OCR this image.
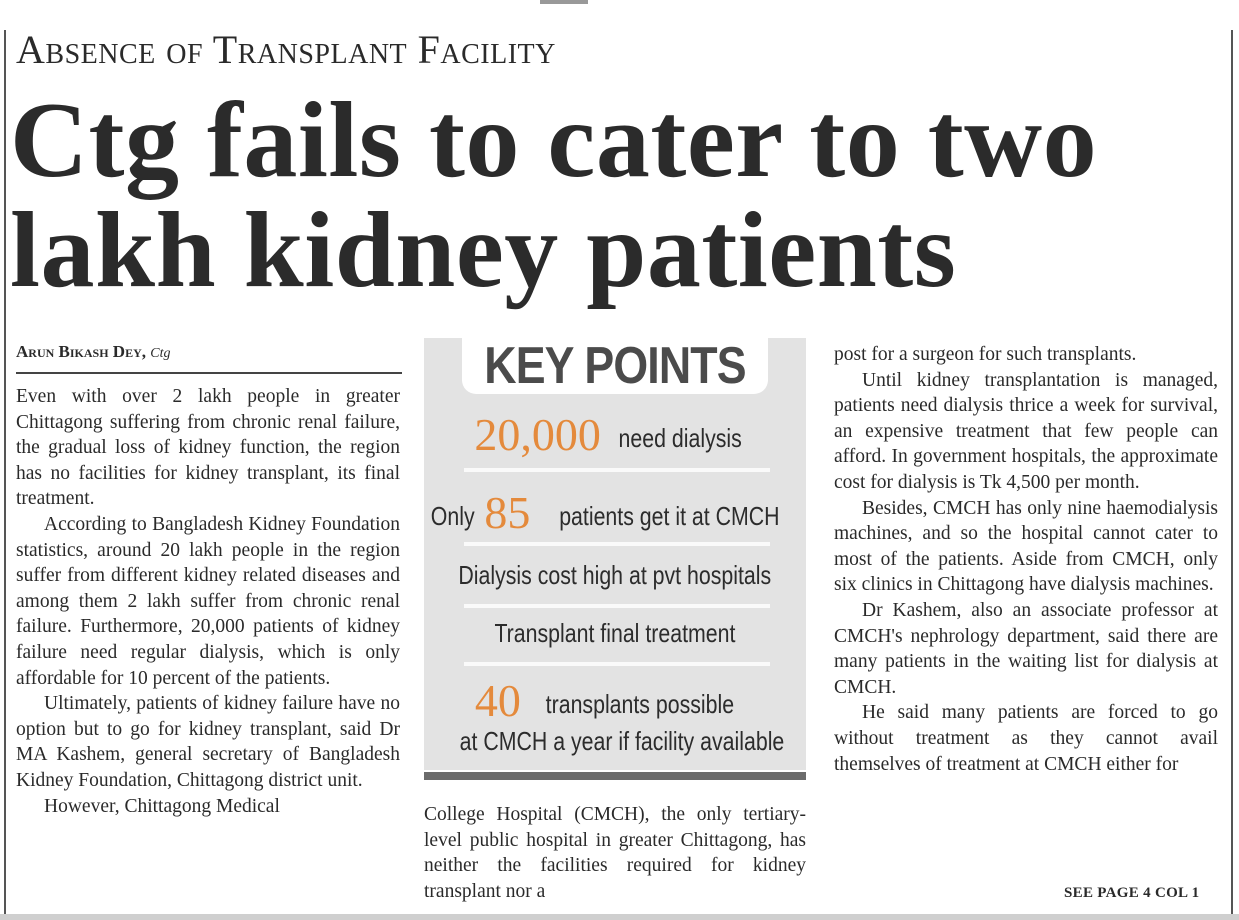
Absence of Transplant Facility
Ctg fails to cater to two lakh kidney patients
Arun Bikash Dey, Ctg

Even with over 2 lakh people in greater Chittagong suffering from chronic renal failure, the gradual loss of kidney function, the region has no facilities for kidney transplant, its final treatment.

According to Bangladesh Kidney Foundation statistics, around 20 lakh people in the region suffer from different kidney related diseases and among them 2 lakh suffer from chronic renal failure. Furthermore, 20,000 patients of kidney failure need regular dialysis, which is only affordable for 10 percent of the patients.

Ultimately, patients of kidney failure have no option but to go for kidney transplant, said Dr MA Kashem, general secretary of Bangladesh Kidney Foundation, Chittagong district unit.

However, Chittagong Medical

KEY POINTS
20,000 need dialysis
Only 85 patients get it at CMCH
Dialysis cost high at pvt hospitals
Transplant final treatment
40 transplants possible
at CMCH a year if facility available

College Hospital (CMCH), the only tertiary-level public hospital in greater Chittagong, has neither the facilities required for kidney transplant nor a

post for a surgeon for such transplants.

Until kidney transplantation is managed, patients need dialysis thrice a week for survival, an expensive treatment that few people can afford. In government hospitals, the approximate cost for dialysis is Tk 4,500 per month.

Besides, CMCH has only nine haemodialysis machines, and so the hospital cannot cater to most of the patients. Aside from CMCH, only six clinics in Chittagong have dialysis machines.

Dr Kashem, also an associate professor at CMCH's nephrology department, said there are many patients in the waiting list for dialysis at CMCH.

He said many patients are forced to go without treatment as they cannot avail themselves of treatment at CMCH either for

SEE PAGE 4 COL 1
